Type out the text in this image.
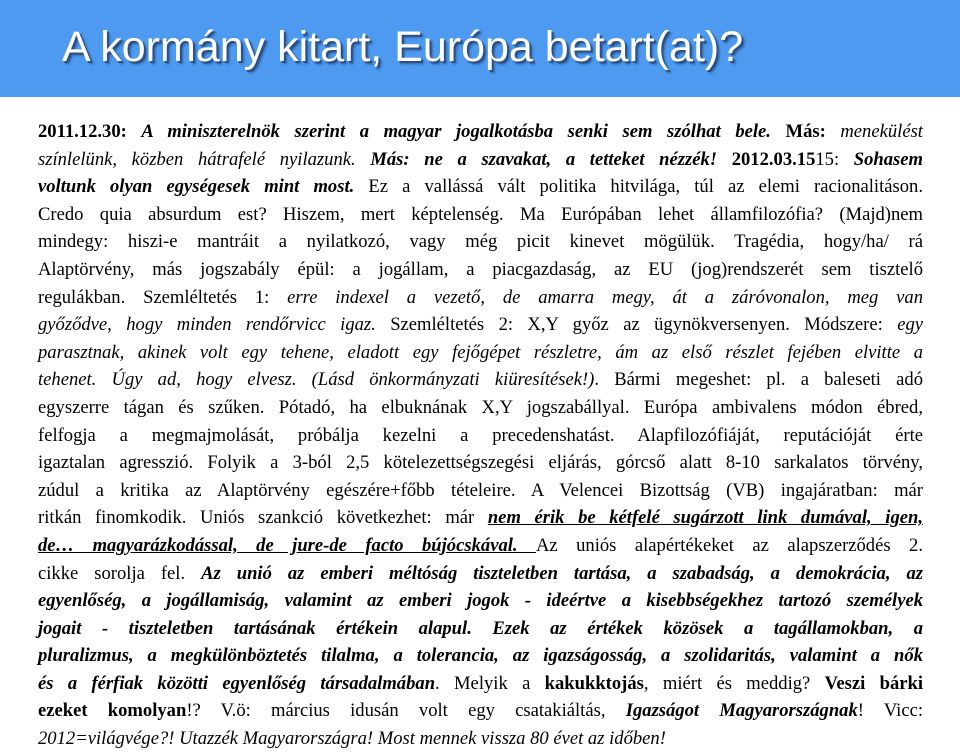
A kormány kitart, Európa betart(at)?
2011.12.30: A miniszterelnök szerint a magyar jogalkotásba senki sem szólhat bele. Más: menekülést
színlelünk, közben hátrafelé nyilazunk. Más: ne a szavakat, a tetteket nézzék! 2012.03.1515: Sohasem
voltunk olyan egységesek mint most. Ez a vallássá vált politika hitvilága, túl az elemi racionalitáson.
Credo quia absurdum est? Hiszem, mert képtelenség. Ma Európában lehet államfilozófia? (Majd)nem
mindegy: hiszi-e mantráit a nyilatkozó, vagy még picit kinevet mögülük. Tragédia, hogy/ha/ rá
Alaptörvény, más jogszabály épül: a jogállam, a piacgazdaság, az EU (jog)rendszerét sem tisztelő
regulákban. Szemléltetés 1: erre indexel a vezető, de amarra megy, át a záróvonalon, meg van
győződve, hogy minden rendőrvicc igaz. Szemléltetés 2: X,Y győz az ügynökversenyen. Módszere: egy
parasztnak, akinek volt egy tehene, eladott egy fejőgépet részletre, ám az első részlet fejében elvitte a
tehenet. Úgy ad, hogy elvesz. (Lásd önkormányzati kiüresítések!). Bármi megeshet: pl. a baleseti adó
egyszerre tágan és szűken. Pótadó, ha elbuknának X,Y jogszabállyal. Európa ambivalens módon ébred,
felfogja a megmajmolását, próbálja kezelni a precedenshatást. Alapfilozófiáját, reputációját érte
igaztalan agresszió. Folyik a 3-ból 2,5 kötelezettségszegési eljárás, górcső alatt 8-10 sarkalatos törvény,
zúdul a kritika az Alaptörvény egészére+főbb tételeire. A Velencei Bizottság (VB) ingajáratban: már
ritkán finomkodik. Uniós szankció következhet: már nem érik be kétfelé sugárzott link dumával, igen,
de… magyarázkodással, de jure-de facto bújócskával. Az uniós alapértékeket az alapszerződés 2.
cikke sorolja fel. Az unió az emberi méltóság tiszteletben tartása, a szabadság, a demokrácia, az
egyenlőség, a jogállamiság, valamint az emberi jogok - ideértve a kisebbségekhez tartozó személyek
jogait - tiszteletben tartásának értékein alapul. Ezek az értékek közösek a tagállamokban, a
pluralizmus, a megkülönböztetés tilalma, a tolerancia, az igazságosság, a szolidaritás, valamint a nők
és a férfiak közötti egyenlőség társadalmában. Melyik a kakukktojás, miért és meddig? Veszi bárki
ezeket komolyan!? V.ö: március idusán volt egy csatakiáltás, Igazságot Magyarországnak! Vicc:
2012=világvége?! Utazzék Magyarországra! Most mennek vissza 80 évet az időben!
